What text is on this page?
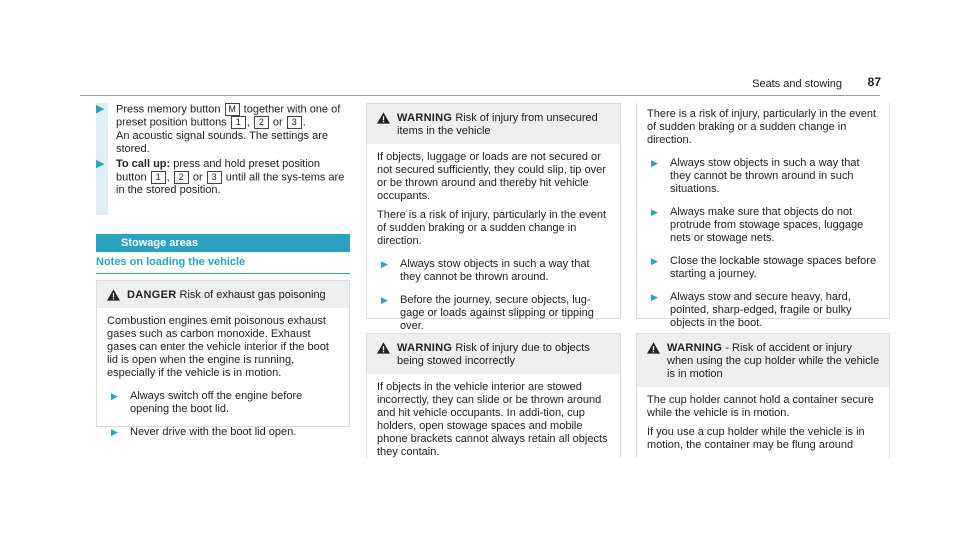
Seats and stowing 87
▶ Press memory button M together with one of preset position buttons 1 , 2 or 3 .
An acoustic signal sounds. The settings are stored.
▶ To call up: press and hold preset position button 1 , 2 or 3 until all the sys-tems are in the stored position.
Stowage areas
Notes on loading the vehicle
DANGER Risk of exhaust gas poisoning

Combustion engines emit poisonous exhaust gases such as carbon monoxide. Exhaust gases can enter the vehicle interior if the boot lid is open when the engine is running, especially if the vehicle is in motion.

▶ Always switch off the engine before opening the boot lid.
▶ Never drive with the boot lid open.
WARNING Risk of injury from unsecured items in the vehicle

If objects, luggage or loads are not secured or not secured sufficiently, they could slip, tip over or be thrown around and thereby hit vehicle occupants.

There is a risk of injury, particularly in the event of sudden braking or a sudden change in direction.

▶ Always stow objects in such a way that they cannot be thrown around.
▶ Before the journey, secure objects, lug-gage or loads against slipping or tipping over.
WARNING Risk of injury due to objects being stowed incorrectly

If objects in the vehicle interior are stowed incorrectly, they can slide or be thrown around and hit vehicle occupants. In addi-tion, cup holders, open stowage spaces and mobile phone brackets cannot always retain all objects they contain.

There is a risk of injury, particularly in the event of sudden braking or a sudden change in direction.

▶ Always stow objects in such a way that they cannot be thrown around in such situations.
▶ Always make sure that objects do not protrude from stowage spaces, luggage nets or stowage nets.
▶ Close the lockable stowage spaces before starting a journey.
▶ Always stow and secure heavy, hard, pointed, sharp-edged, fragile or bulky objects in the boot.
WARNING - Risk of accident or injury when using the cup holder while the vehicle is in motion

The cup holder cannot hold a container secure while the vehicle is in motion.

If you use a cup holder while the vehicle is in motion, the container may be flung around
